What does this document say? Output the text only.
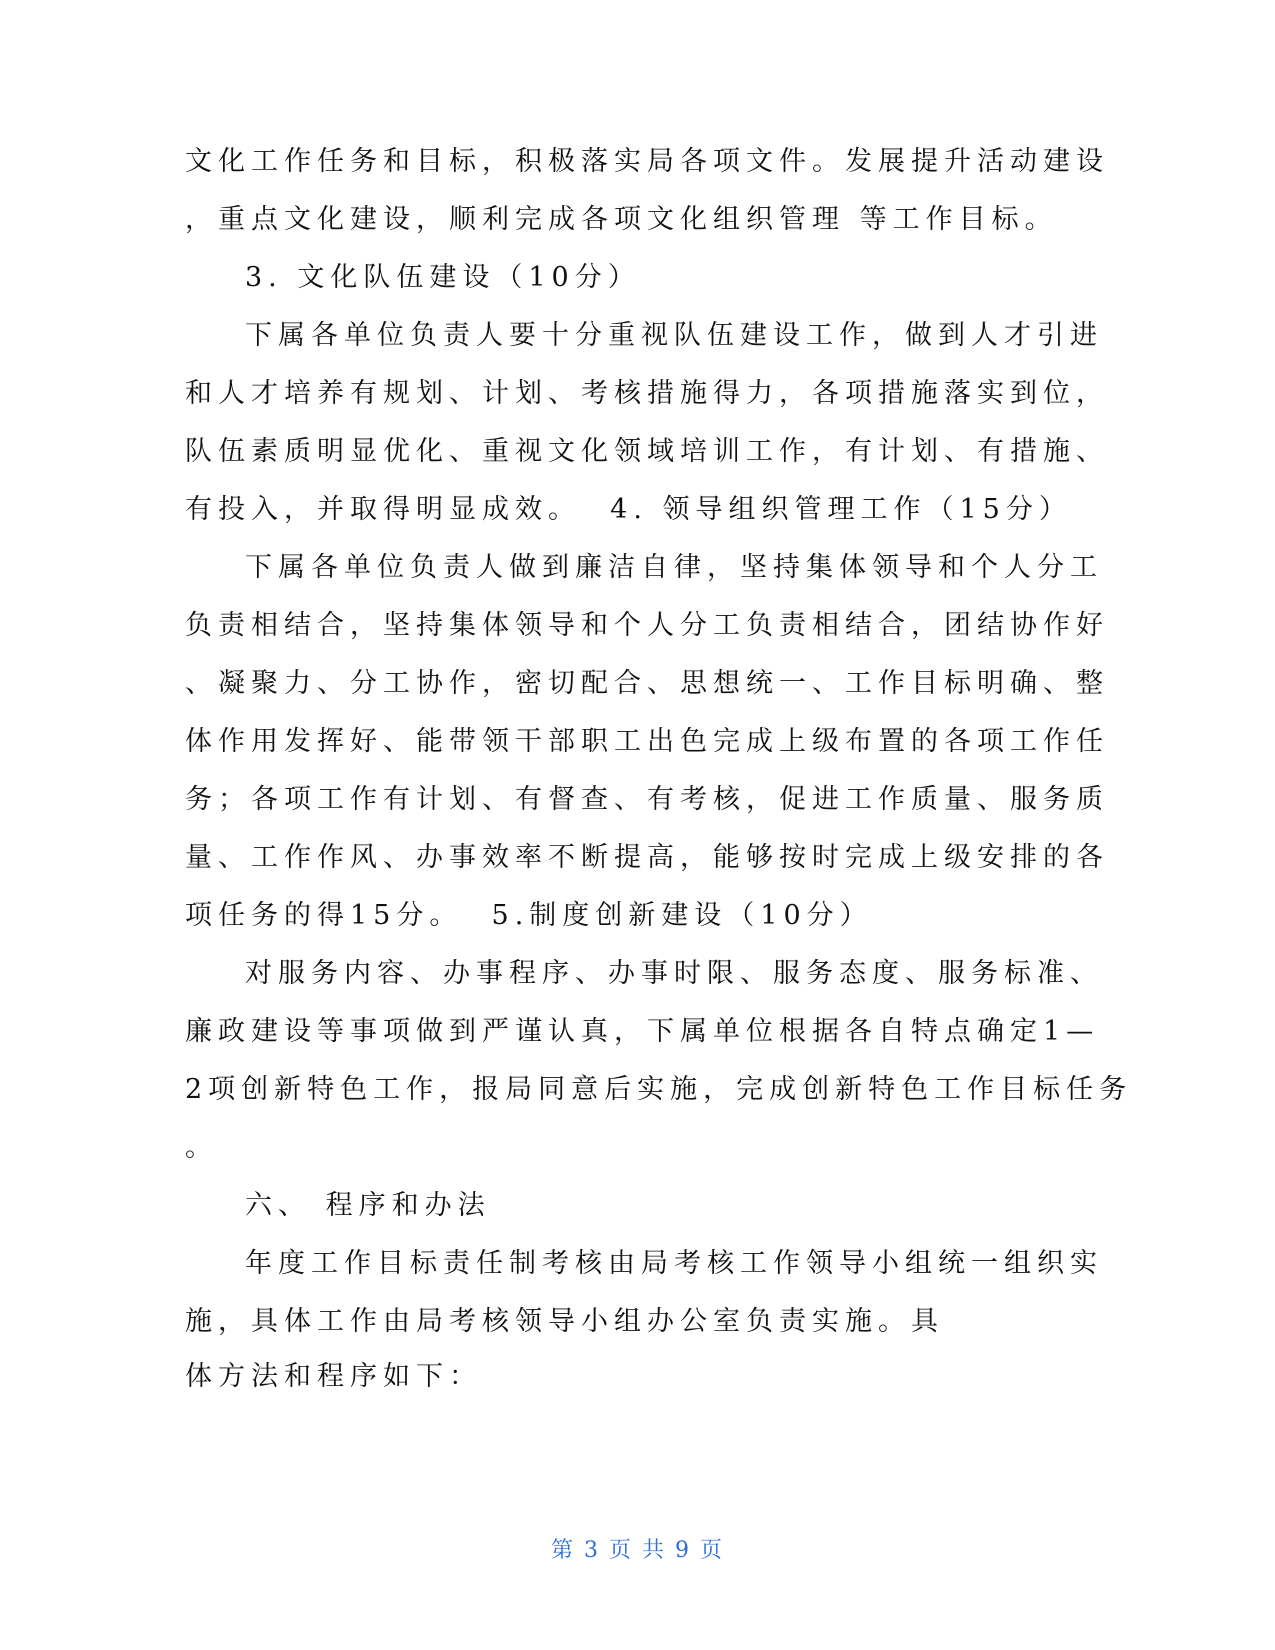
文化工作任务和目标，积极落实局各项文件。发展提升活动建设
，重点文化建设，顺利完成各项文化组织管理 等工作目标。
3. 文化队伍建设（10分）
下属各单位负责人要十分重视队伍建设工作，做到人才引进
和人才培养有规划、计划、考核措施得力，各项措施落实到位，
队伍素质明显优化、重视文化领域培训工作，有计划、有措施、
有投入，并取得明显成效。  4. 领导组织管理工作（15分）
下属各单位负责人做到廉洁自律，坚持集体领导和个人分工
负责相结合，坚持集体领导和个人分工负责相结合，团结协作好
、凝聚力、分工协作，密切配合、思想统一、工作目标明确、整
体作用发挥好、能带领干部职工出色完成上级布置的各项工作任
务；各项工作有计划、有督查、有考核，促进工作质量、服务质
量、工作作风、办事效率不断提高，能够按时完成上级安排的各
项任务的得15分。  5.制度创新建设（10分）
对服务内容、办事程序、办事时限、服务态度、服务标准、
廉政建设等事项做到严谨认真，下属单位根据各自特点确定1—
2项创新特色工作，报局同意后实施，完成创新特色工作目标任务
。
六、 程序和办法
年度工作目标责任制考核由局考核工作领导小组统一组织实
施，具体工作由局考核领导小组办公室负责实施。具
体方法和程序如下：
第 3 页 共 9 页
